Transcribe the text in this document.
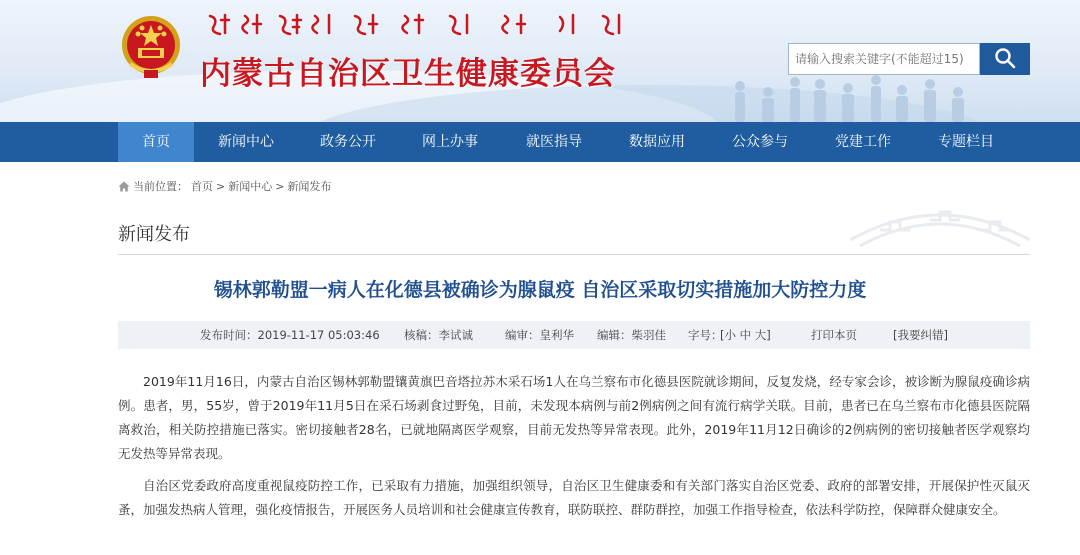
内蒙古自治区卫生健康委员会
请输入搜索关键字(不能超过15)
首页	新闻中心	政务公开	网上办事	就医指导	数据应用	公众参与	党建工作	专题栏目
当前位置： 首页 > 新闻中心 > 新闻发布
新闻发布
锡林郭勒盟一病人在化德县被确诊为腺鼠疫 自治区采取切实措施加大防控力度
发布时间：2019-11-17 05:03:46 核稿：李试诚	编审：皇利华 编辑：柴羽佳 字号：
[小 中 大]	打印本页	[我要纠错]
2019年11月16日，内蒙古自治区锡林郭勒盟镶黄旗巴音塔拉苏木采石场1人在乌兰察布市化德县医院就诊期间，反复发烧，经专家会诊，被诊断为腺鼠疫确诊病例。患者，男，55岁，曾于2019年11月5日在采石场剥食过野兔，目前，未发现本病例与前2例病例之间有流行病学关联。目前，患者已在乌兰察布市化德县医院隔离救治，相关防控措施已落实。密切接触者28名，已就地隔离医学观察，目前无发热等异常表现。此外，2019年11月12日确诊的2例病例的密切接触者医学观察均无发热等异常表现。
自治区党委政府高度重视鼠疫防控工作，已采取有力措施，加强组织领导，自治区卫生健康委和有关部门落实自治区党委、政府的部署安排，开展保护性灭鼠灭蚤，加强发热病人管理，强化疫情报告，开展医务人员培训和社会健康宣传教育，联防联控、群防群控，加强工作指导检查，依法科学防控，保障群众健康安全。
